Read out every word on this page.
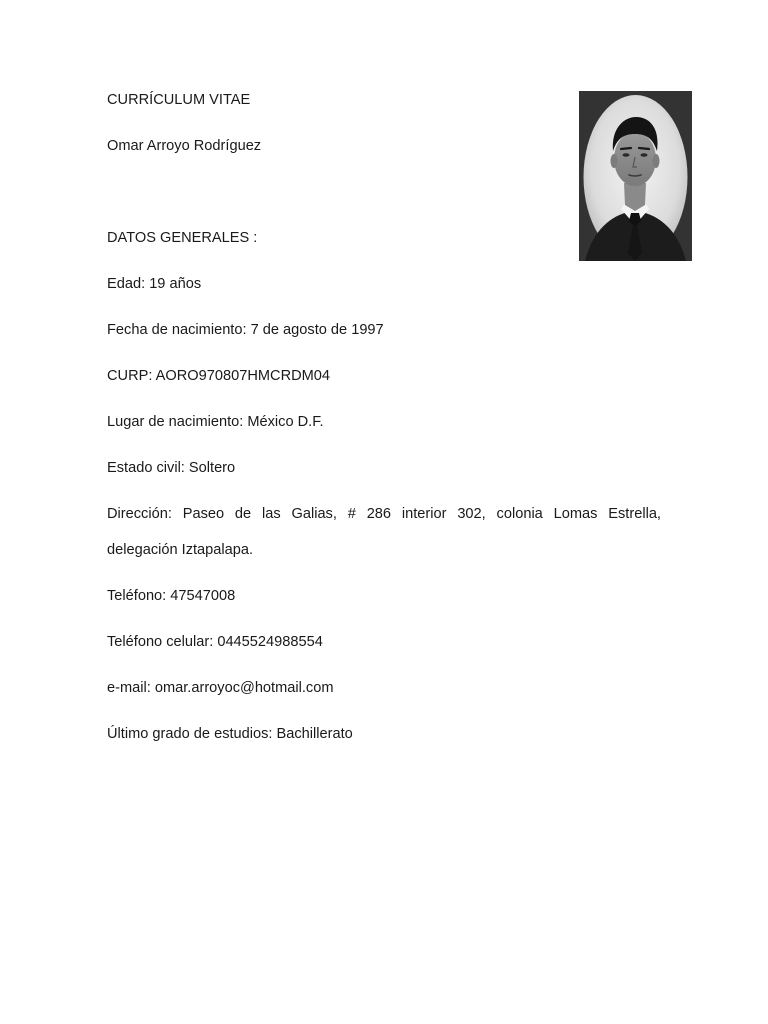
CURRÍCULUM VITAE
Omar Arroyo Rodríguez
DATOS GENERALES :
Edad: 19 años
Fecha de nacimiento: 7 de agosto de 1997
CURP: AORO970807HMCRDM04
Lugar de nacimiento: México D.F.
Estado civil: Soltero
Dirección: Paseo de las Galias, # 286 interior 302, colonia Lomas Estrella,
delegación Iztapalapa.
Teléfono: 47547008
Teléfono celular: 0445524988554
e-mail: omar.arroyoc@hotmail.com
Último grado de estudios: Bachillerato
